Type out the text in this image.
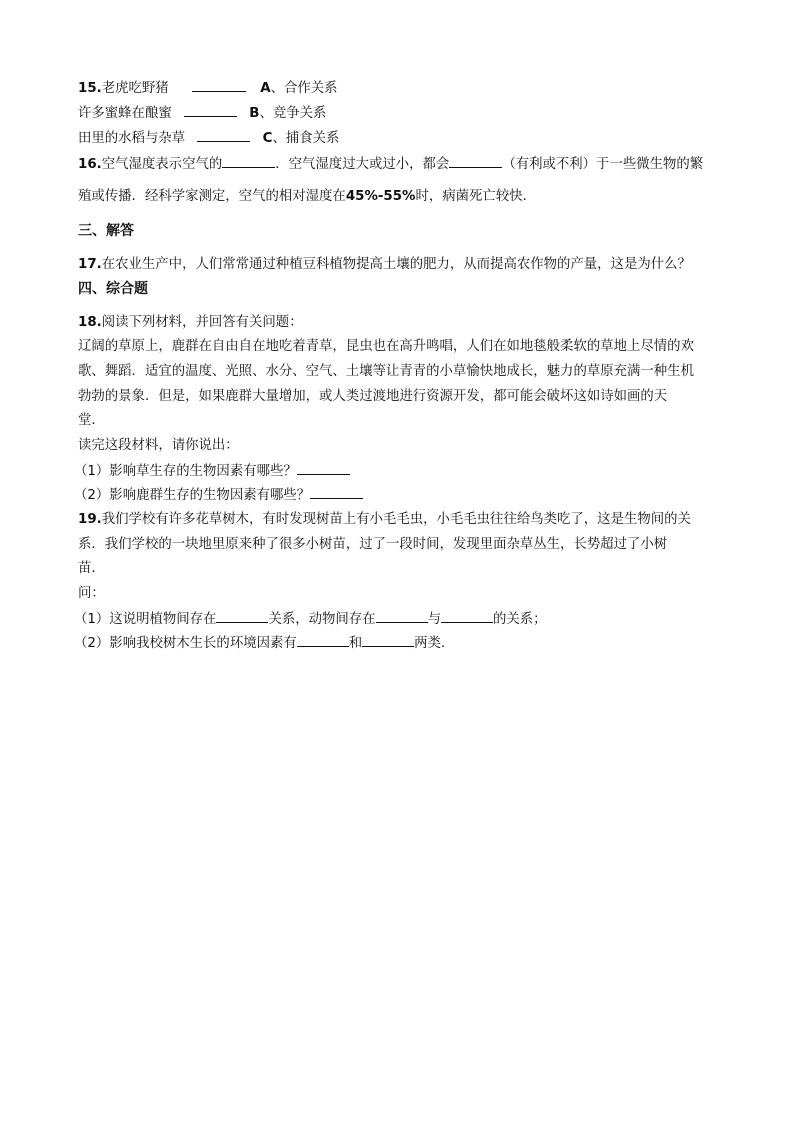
15.老虎吃野猪	A、合作关系
许多蜜蜂在酿蜜	B、竞争关系
田里的水稻与杂草	C、捕食关系
16.空气湿度表示空气的	．空气湿度过大或过小，都会	（有利或不利）于一些微生物的繁
殖或传播．经科学家测定，空气的相对湿度在45%-55%时，病菌死亡较快．
三、解答
17.在农业生产中，人们常常通过种植豆科植物提高土壤的肥力，从而提高农作物的产量，这是为什么？
四、综合题
18.阅读下列材料，并回答有关问题：
辽阔的草原上，鹿群在自由自在地吃着青草，昆虫也在高升鸣唱，人们在如地毯般柔软的草地上尽情的欢
歌、舞蹈．适宜的温度、光照、水分、空气、土壤等让青青的小草愉快地成长，魅力的草原充满一种生机
勃勃的景象．但是，如果鹿群大量增加，或人类过渡地进行资源开发，都可能会破坏这如诗如画的天
堂．
读完这段材料，请你说出：
（1）影响草生存的生物因素有哪些？
（2）影响鹿群生存的生物因素有哪些？
19.我们学校有许多花草树木，有时发现树苗上有小毛毛虫，小毛毛虫往往给鸟类吃了，这是生物间的关
系．我们学校的一块地里原来种了很多小树苗，过了一段时间，发现里面杂草丛生，长势超过了小树
苗．
问：
（1）这说明植物间存在	关系，动物间存在	与	的关系；
（2）影响我校树木生长的环境因素有	和	两类．
